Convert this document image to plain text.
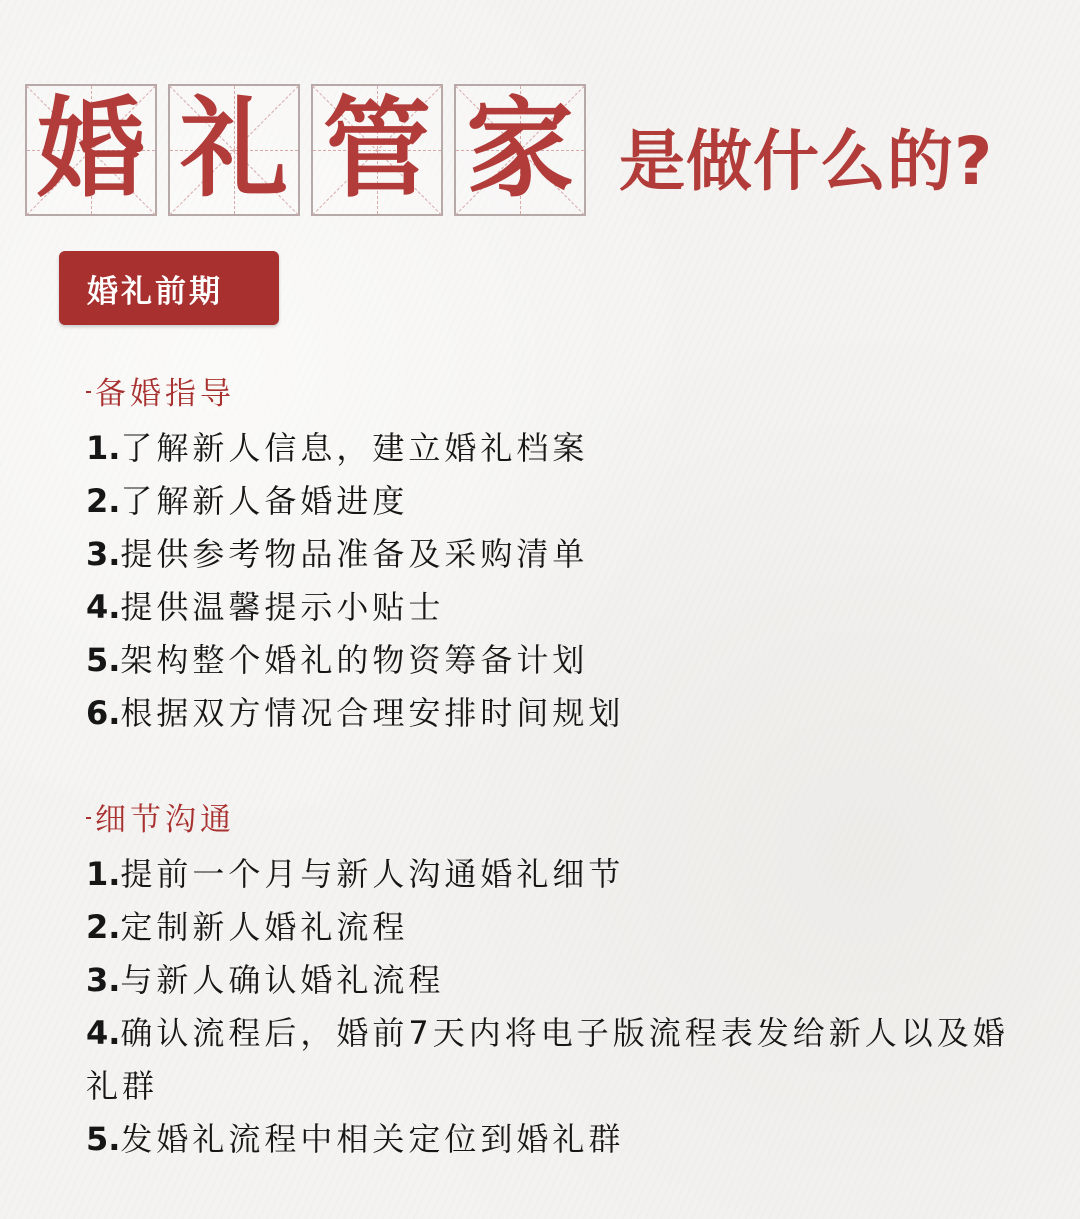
婚 礼 管 家 是做什么的?
婚礼前期
备婚指导
1.了解新人信息，建立婚礼档案
2.了解新人备婚进度
3.提供参考物品准备及采购清单
4.提供温馨提示小贴士
5.架构整个婚礼的物资筹备计划
6.根据双方情况合理安排时间规划
细节沟通
1.提前一个月与新人沟通婚礼细节
2.定制新人婚礼流程
3.与新人确认婚礼流程
4.确认流程后，婚前7天内将电子版流程表发给新人以及婚礼群
5.发婚礼流程中相关定位到婚礼群
